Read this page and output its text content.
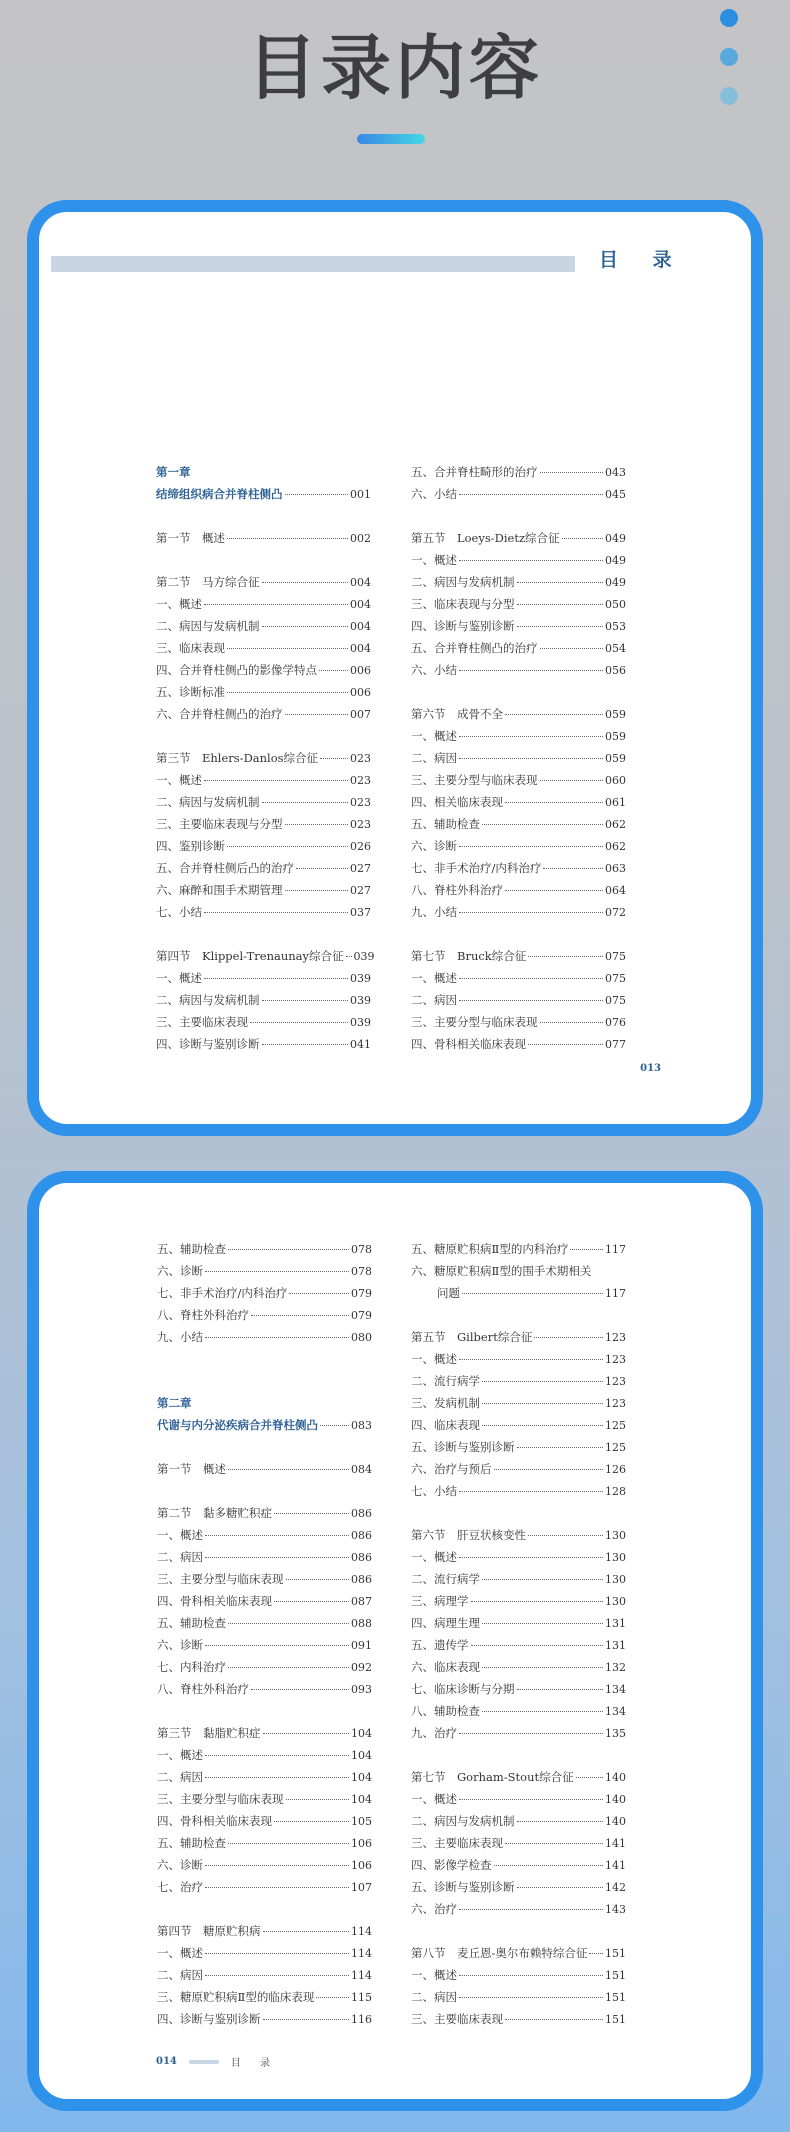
目录内容
目 录
第一章
结缔组织病合并脊柱侧凸	001
第一节　概述	002
第二节　马方综合征	004
一、概述	004
二、病因与发病机制	004
三、临床表现	004
四、合并脊柱侧凸的影像学特点	006
五、诊断标准	006
六、合并脊柱侧凸的治疗	007
第三节　Ehlers-Danlos综合征	023
一、概述	023
二、病因与发病机制	023
三、主要临床表现与分型	023
四、鉴别诊断	026
五、合并脊柱侧后凸的治疗	027
六、麻醉和围手术期管理	027
七、小结	037
第四节　Klippel-Trenaunay综合征 039
一、概述	039
二、病因与发病机制	039
三、主要临床表现	039
四、诊断与鉴别诊断	041
五、合并脊柱畸形的治疗	043
六、小结	045
第五节　Loeys-Dietz综合征	049
一、概述	049
二、病因与发病机制	049
三、临床表现与分型	050
四、诊断与鉴别诊断	053
五、合并脊柱侧凸的治疗	054
六、小结	056
第六节　成骨不全	059
一、概述	059
二、病因	059
三、主要分型与临床表现	060
四、相关临床表现	061
五、辅助检查	062
六、诊断	062
七、非手术治疗/内科治疗	063
八、脊柱外科治疗	064
九、小结	072
第七节　Bruck综合征	075
一、概述	075
二、病因	075
三、主要分型与临床表现	076
四、骨科相关临床表现	077
013
五、辅助检查	078
六、诊断	078
七、非手术治疗/内科治疗	079
八、脊柱外科治疗	079
九、小结	080
第二章
代谢与内分泌疾病合并脊柱侧凸	083
第一节　概述	084
第二节　黏多糖贮积症	086
一、概述	086
二、病因	086
三、主要分型与临床表现	086
四、骨科相关临床表现	087
五、辅助检查	088
六、诊断	091
七、内科治疗	092
八、脊柱外科治疗	093
第三节　黏脂贮积症	104
一、概述	104
二、病因	104
三、主要分型与临床表现	104
四、骨科相关临床表现	105
五、辅助检查	106
六、诊断	106
七、治疗	107
第四节　糖原贮积病	114
一、概述	114
二、病因	114
三、糖原贮积病Ⅱ型的临床表现	115
四、诊断与鉴别诊断	116
五、糖原贮积病Ⅱ型的内科治疗	117
六、糖原贮积病Ⅱ型的围手术期相关
问题	117
第五节　Gilbert综合征	123
一、概述	123
二、流行病学	123
三、发病机制	123
四、临床表现	125
五、诊断与鉴别诊断	125
六、治疗与预后	126
七、小结	128
第六节　肝豆状核变性	130
一、概述	130
二、流行病学	130
三、病理学	130
四、病理生理	131
五、遗传学	131
六、临床表现	132
七、临床诊断与分期	134
八、辅助检查	134
九、治疗	135
第七节　Gorham-Stout综合征	140
一、概述	140
二、病因与发病机制	140
三、主要临床表现	141
四、影像学检查	141
五、诊断与鉴别诊断	142
六、治疗	143
第八节　麦丘恩-奥尔布赖特综合征 151
一、概述	151
二、病因	151
三、主要临床表现	151
014	目 录
